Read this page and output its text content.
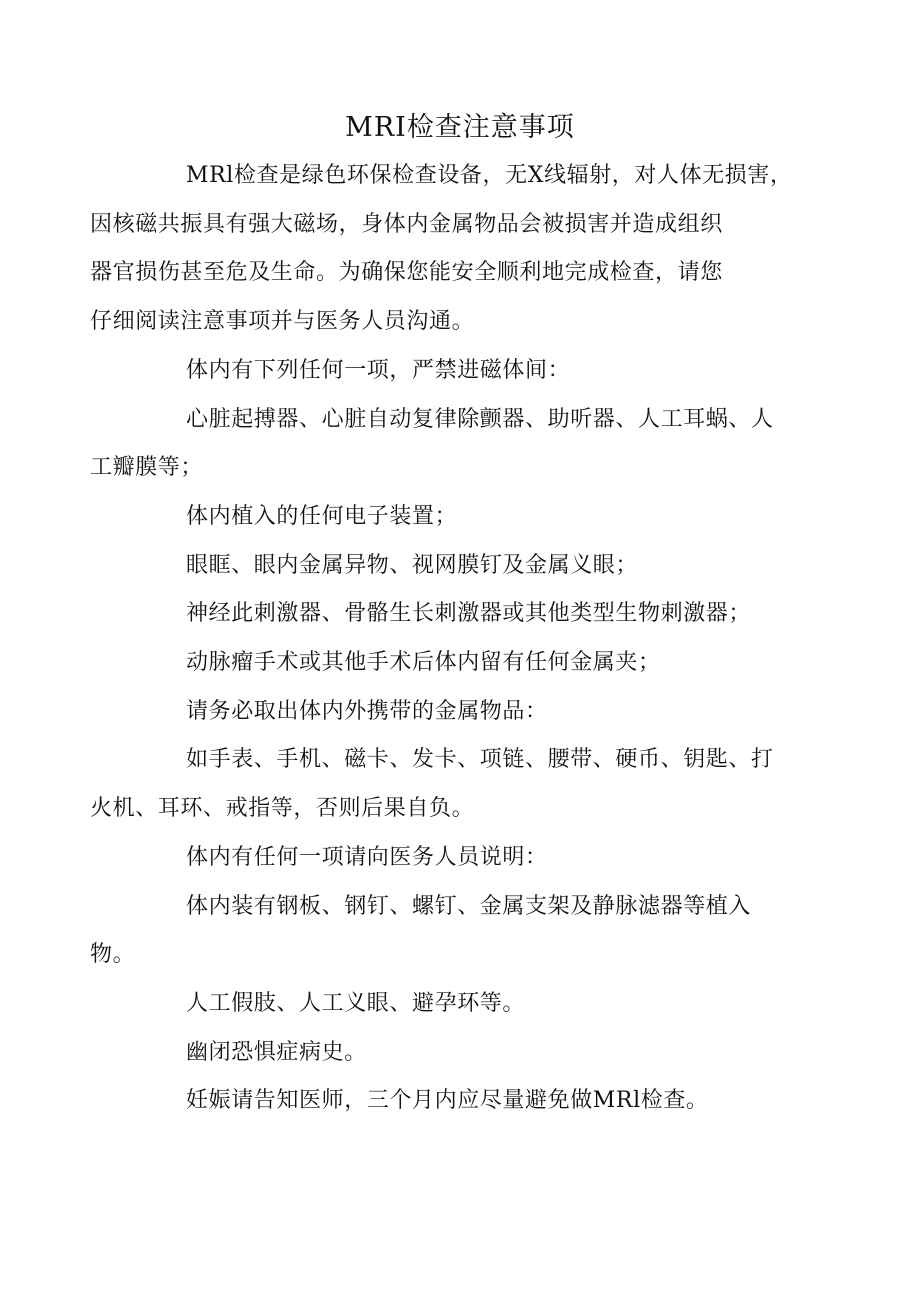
MRI检查注意事项

MRl检查是绿色环保检查设备，无X线辐射，对人体无损害，
因核磁共振具有强大磁场，身体内金属物品会被损害并造成组织
器官损伤甚至危及生命。为确保您能安全顺利地完成检查，请您
仔细阅读注意事项并与医务人员沟通。

体内有下列任何一项，严禁进磁体间：

心脏起搏器、心脏自动复律除颤器、助听器、人工耳蜗、人
工瓣膜等；

体内植入的任何电子装置；

眼眶、眼内金属异物、视网膜钉及金属义眼；

神经此刺激器、骨骼生长刺激器或其他类型生物刺激器；

动脉瘤手术或其他手术后体内留有任何金属夹；

请务必取出体内外携带的金属物品：

如手表、手机、磁卡、发卡、项链、腰带、硬币、钥匙、打
火机、耳环、戒指等，否则后果自负。

体内有任何一项请向医务人员说明：

体内装有钢板、钢钉、螺钉、金属支架及静脉滤器等植入
物。

人工假肢、人工义眼、避孕环等。

幽闭恐惧症病史。

妊娠请告知医师，三个月内应尽量避免做MRl检查。
